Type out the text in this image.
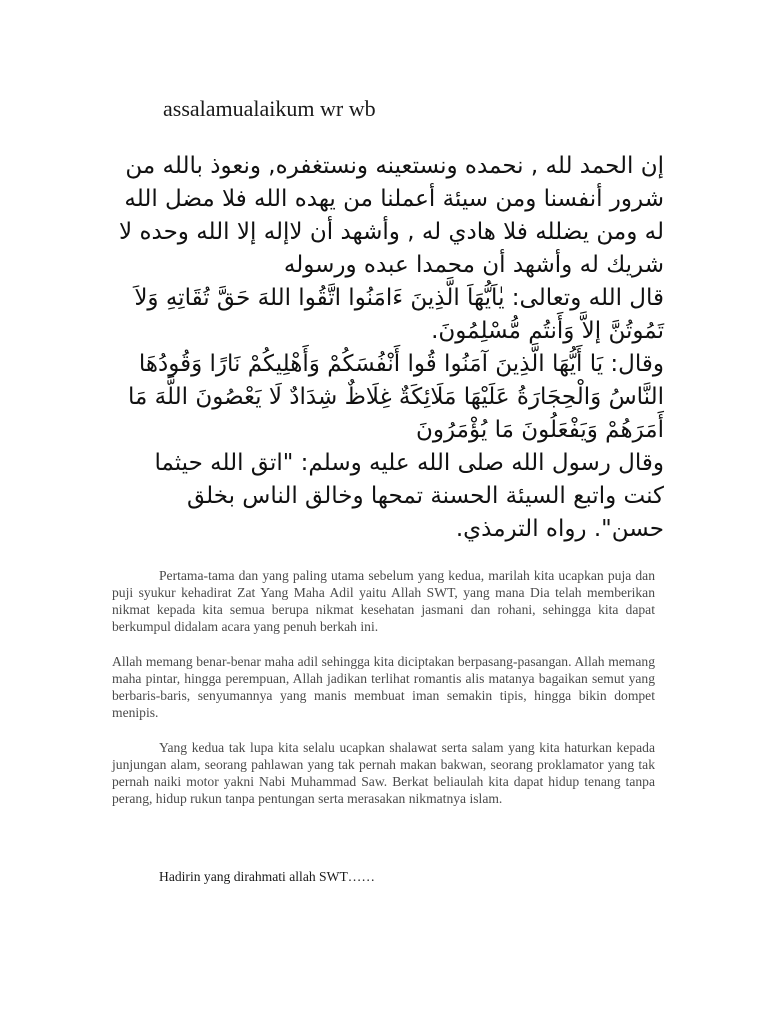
assalamualaikum wr wb

إن الحمد لله , نحمده ونستعينه ونستغفره, ونعوذ بالله من شرور أنفسنا ومن سيئة أعملنا من يهده الله فلا مضل الله له ومن يضلله فلا هادي له , وأشهد أن لاإله إلا الله وحده لا شريك له وأشهد أن محمدا عبده ورسوله

قال الله وتعالى: يٰاَيُّهَاَ الَّذِينَ ءَامَنُوا اتَّقُوا اللهَ حَقَّ تُقَاتِهِ وَلاَ تَمُوتُنَّ إلاَّ وَأَنتُم مُّسْلِمُونَ.

وقال: يَا أَيُّهَا الَّذِينَ آمَنُوا قُوا أَنْفُسَكُمْ وَأَهْلِيكُمْ نَارًا وَقُودُهَا النَّاسُ وَالْحِجَارَةُ عَلَيْهَا مَلَائِكَةٌ غِلَاظٌ شِدَادٌ لَا يَعْصُونَ اللَّهَ مَا أَمَرَهُمْ وَيَفْعَلُونَ مَا يُؤْمَرُونَ

وقال رسول الله صلى الله عليه وسلم: "اتق الله حيثما كنت واتبع السيئة الحسنة تمحها وخالق الناس بخلق حسن". رواه الترمذي.

Pertama-tama dan yang paling utama sebelum yang kedua, marilah kita ucapkan puja dan puji syukur kehadirat Zat Yang Maha Adil yaitu Allah SWT, yang mana Dia telah memberikan nikmat kepada kita semua berupa nikmat kesehatan jasmani dan rohani, sehingga kita dapat berkumpul didalam acara yang penuh berkah ini.

Allah memang benar-benar maha adil sehingga kita diciptakan berpasang-pasangan. Allah memang maha pintar, hingga perempuan, Allah jadikan terlihat romantis alis matanya bagaikan semut yang berbaris-baris, senyumannya yang manis membuat iman semakin tipis, hingga bikin dompet menipis.

Yang kedua tak lupa kita selalu ucapkan shalawat serta salam yang kita haturkan kepada junjungan alam, seorang pahlawan yang tak pernah makan bakwan, seorang proklamator yang tak pernah naiki motor yakni Nabi Muhammad Saw. Berkat beliaulah kita dapat hidup tenang tanpa perang, hidup rukun tanpa pentungan serta merasakan nikmatnya islam.

Hadirin yang dirahmati allah SWT……
